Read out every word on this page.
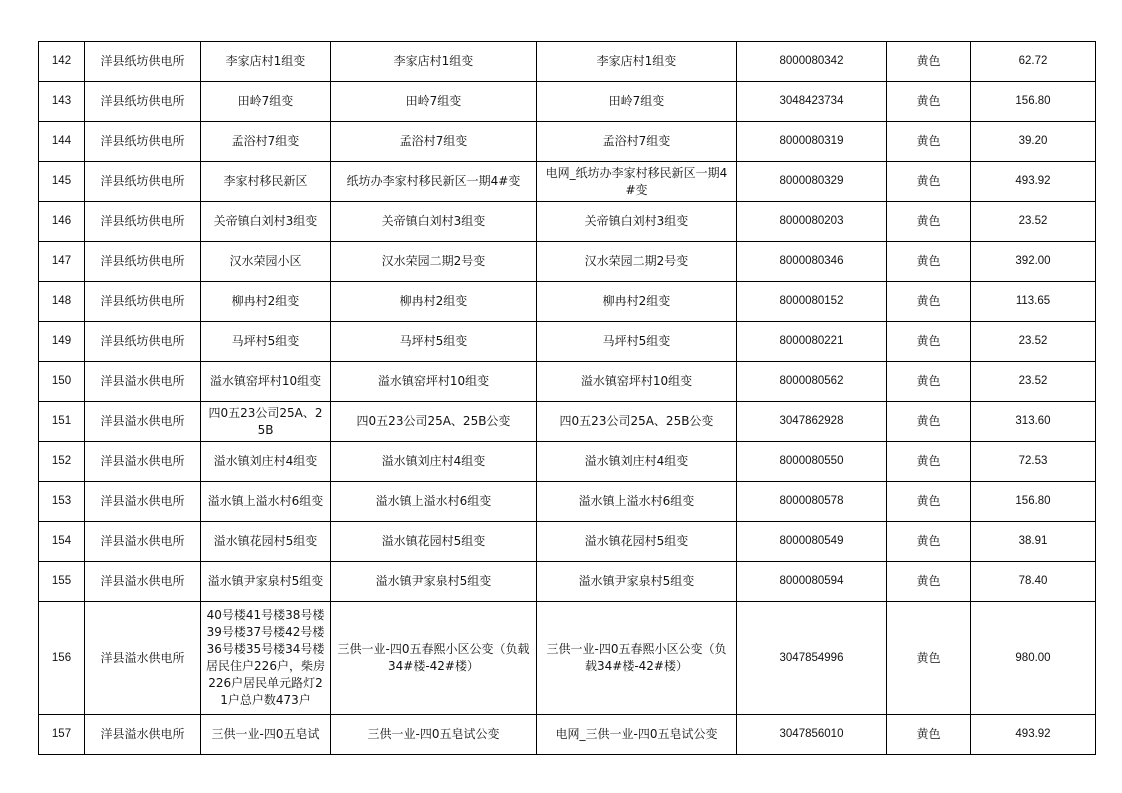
142	洋县纸坊供电所	李家店村1组变	李家店村1组变	李家店村1组变	8000080342	黄色	62.72
143	洋县纸坊供电所	田岭7组变	田岭7组变	田岭7组变	3048423734	黄色	156.80
144	洋县纸坊供电所	孟浴村7组变	孟浴村7组变	孟浴村7组变	8000080319	黄色	39.20
145	洋县纸坊供电所	李家村移民新区	纸坊办李家村移民新区一期4#变	电网_纸坊办李家村移民新区一期4#变	8000080329	黄色	493.92
146	洋县纸坊供电所	关帝镇白刘村3组变	关帝镇白刘村3组变	关帝镇白刘村3组变	8000080203	黄色	23.52
147	洋县纸坊供电所	汉水荣园小区	汉水荣园二期2号变	汉水荣园二期2号变	8000080346	黄色	392.00
148	洋县纸坊供电所	柳冉村2组变	柳冉村2组变	柳冉村2组变	8000080152	黄色	113.65
149	洋县纸坊供电所	马坪村5组变	马坪村5组变	马坪村5组变	8000080221	黄色	23.52
150	洋县溢水供电所	溢水镇窑坪村10组变	溢水镇窑坪村10组变	溢水镇窑坪村10组变	8000080562	黄色	23.52
151	洋县溢水供电所	四0五23公司25A、25B	四0五23公司25A、25B公变	四0五23公司25A、25B公变	3047862928	黄色	313.60
152	洋县溢水供电所	溢水镇刘庄村4组变	溢水镇刘庄村4组变	溢水镇刘庄村4组变	8000080550	黄色	72.53
153	洋县溢水供电所	溢水镇上溢水村6组变	溢水镇上溢水村6组变	溢水镇上溢水村6组变	8000080578	黄色	156.80
154	洋县溢水供电所	溢水镇花园村5组变	溢水镇花园村5组变	溢水镇花园村5组变	8000080549	黄色	38.91
155	洋县溢水供电所	溢水镇尹家泉村5组变	溢水镇尹家泉村5组变	溢水镇尹家泉村5组变	8000080594	黄色	78.40
156	洋县溢水供电所	40号楼41号楼38号楼39号楼37号楼42号楼36号楼35号楼34号楼居民住户226户，柴房226户居民单元路灯21户总户数473户	三供一业-四0五春熙小区公变（负载34#楼-42#楼）	三供一业-四0五春熙小区公变（负载34#楼-42#楼）	3047854996	黄色	980.00
157	洋县溢水供电所	三供一业-四0五皂试	三供一业-四0五皂试公变	电网_三供一业-四0五皂试公变	3047856010	黄色	493.92
